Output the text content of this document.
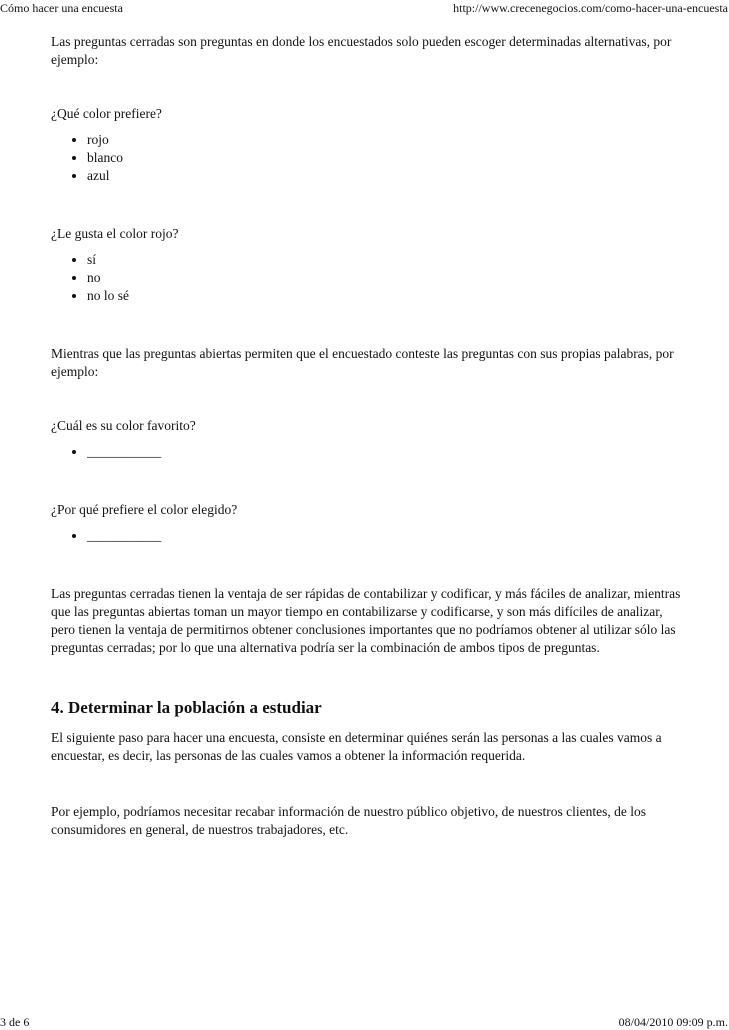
Cómo hacer una encuesta	http://www.crecenegocios.com/como-hacer-una-encuesta

Las preguntas cerradas son preguntas en donde los encuestados solo pueden escoger determinadas alternativas, por ejemplo:

¿Qué color prefiere?

• rojo
• blanco
• azul

¿Le gusta el color rojo?

• sí
• no
• no lo sé

Mientras que las preguntas abiertas permiten que el encuestado conteste las preguntas con sus propias palabras, por ejemplo:

¿Cuál es su color favorito?

• ___________

¿Por qué prefiere el color elegido?

• ___________

Las preguntas cerradas tienen la ventaja de ser rápidas de contabilizar y codificar, y más fáciles de analizar, mientras que las preguntas abiertas toman un mayor tiempo en contabilizarse y codificarse, y son más difíciles de analizar, pero tienen la ventaja de permitirnos obtener conclusiones importantes que no podríamos obtener al utilizar sólo las preguntas cerradas; por lo que una alternativa podría ser la combinación de ambos tipos de preguntas.

4. Determinar la población a estudiar

El siguiente paso para hacer una encuesta, consiste en determinar quiénes serán las personas a las cuales vamos a encuestar, es decir, las personas de las cuales vamos a obtener la información requerida.

Por ejemplo, podríamos necesitar recabar información de nuestro público objetivo, de nuestros clientes, de los consumidores en general, de nuestros trabajadores, etc.

3 de 6	08/04/2010 09:09 p.m.
